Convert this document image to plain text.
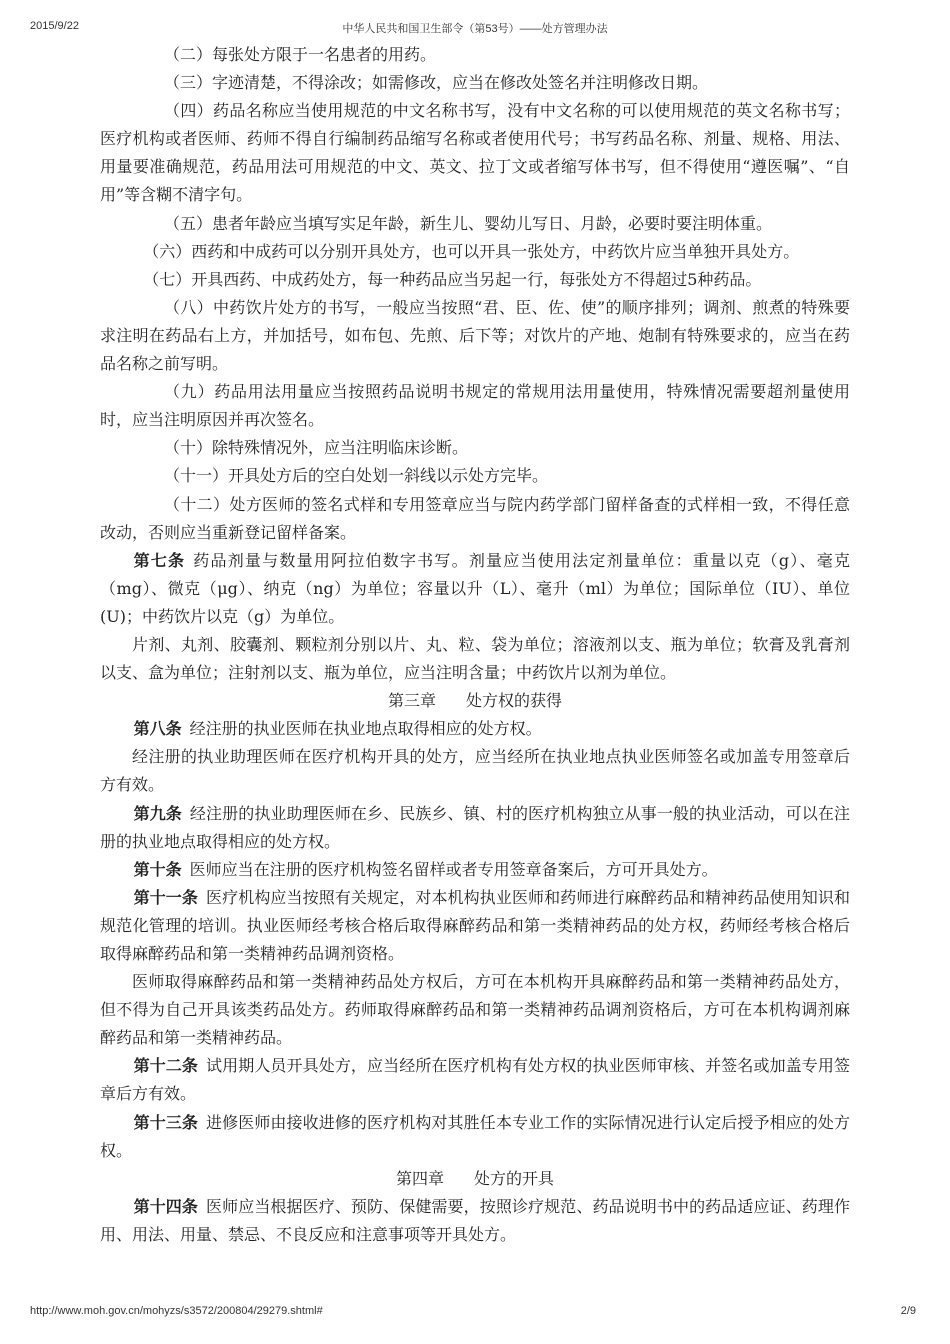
2015/9/22	中华人民共和国卫生部令（第53号）——处方管理办法

（二）每张处方限于一名患者的用药。

（三）字迹清楚，不得涂改；如需修改，应当在修改处签名并注明修改日期。

（四）药品名称应当使用规范的中文名称书写，没有中文名称的可以使用规范的英文名称书写；医疗机构或者医师、药师不得自行编制药品缩写名称或者使用代号；书写药品名称、剂量、规格、用法、用量要准确规范，药品用法可用规范的中文、英文、拉丁文或者缩写体书写，但不得使用“遵医嘱”、“自用”等含糊不清字句。

（五）患者年龄应当填写实足年龄，新生儿、婴幼儿写日、月龄，必要时要注明体重。

（六）西药和中成药可以分别开具处方，也可以开具一张处方，中药饮片应当单独开具处方。

（七）开具西药、中成药处方，每一种药品应当另起一行，每张处方不得超过5种药品。

（八）中药饮片处方的书写，一般应当按照“君、臣、佐、使”的顺序排列；调剂、煎煮的特殊要求注明在药品右上方，并加括号，如布包、先煎、后下等；对饮片的产地、炮制有特殊要求的，应当在药品名称之前写明。

（九）药品用法用量应当按照药品说明书规定的常规用法用量使用，特殊情况需要超剂量使用时，应当注明原因并再次签名。

（十）除特殊情况外，应当注明临床诊断。

（十一）开具处方后的空白处划一斜线以示处方完毕。

（十二）处方医师的签名式样和专用签章应当与院内药学部门留样备查的式样相一致，不得任意改动，否则应当重新登记留样备案。

第七条 药品剂量与数量用阿拉伯数字书写。剂量应当使用法定剂量单位：重量以克（g）、毫克（mg）、微克（μg）、纳克（ng）为单位；容量以升（L）、毫升（ml）为单位；国际单位（IU）、单位(U)；中药饮片以克（g）为单位。

片剂、丸剂、胶囊剂、颗粒剂分别以片、丸、粒、袋为单位；溶液剂以支、瓶为单位；软膏及乳膏剂以支、盒为单位；注射剂以支、瓶为单位，应当注明含量；中药饮片以剂为单位。

第三章 处方权的获得

第八条 经注册的执业医师在执业地点取得相应的处方权。

经注册的执业助理医师在医疗机构开具的处方，应当经所在执业地点执业医师签名或加盖专用签章后方有效。

第九条 经注册的执业助理医师在乡、民族乡、镇、村的医疗机构独立从事一般的执业活动，可以在注册的执业地点取得相应的处方权。

第十条 医师应当在注册的医疗机构签名留样或者专用签章备案后，方可开具处方。

第十一条 医疗机构应当按照有关规定，对本机构执业医师和药师进行麻醉药品和精神药品使用知识和规范化管理的培训。执业医师经考核合格后取得麻醉药品和第一类精神药品的处方权，药师经考核合格后取得麻醉药品和第一类精神药品调剂资格。

医师取得麻醉药品和第一类精神药品处方权后，方可在本机构开具麻醉药品和第一类精神药品处方，但不得为自己开具该类药品处方。药师取得麻醉药品和第一类精神药品调剂资格后，方可在本机构调剂麻醉药品和第一类精神药品。

第十二条 试用期人员开具处方，应当经所在医疗机构有处方权的执业医师审核、并签名或加盖专用签章后方有效。

第十三条 进修医师由接收进修的医疗机构对其胜任本专业工作的实际情况进行认定后授予相应的处方权。

第四章 处方的开具

第十四条 医师应当根据医疗、预防、保健需要，按照诊疗规范、药品说明书中的药品适应证、药理作用、用法、用量、禁忌、不良反应和注意事项等开具处方。

http://www.moh.gov.cn/mohyzs/s3572/200804/29279.shtml#	2/9
